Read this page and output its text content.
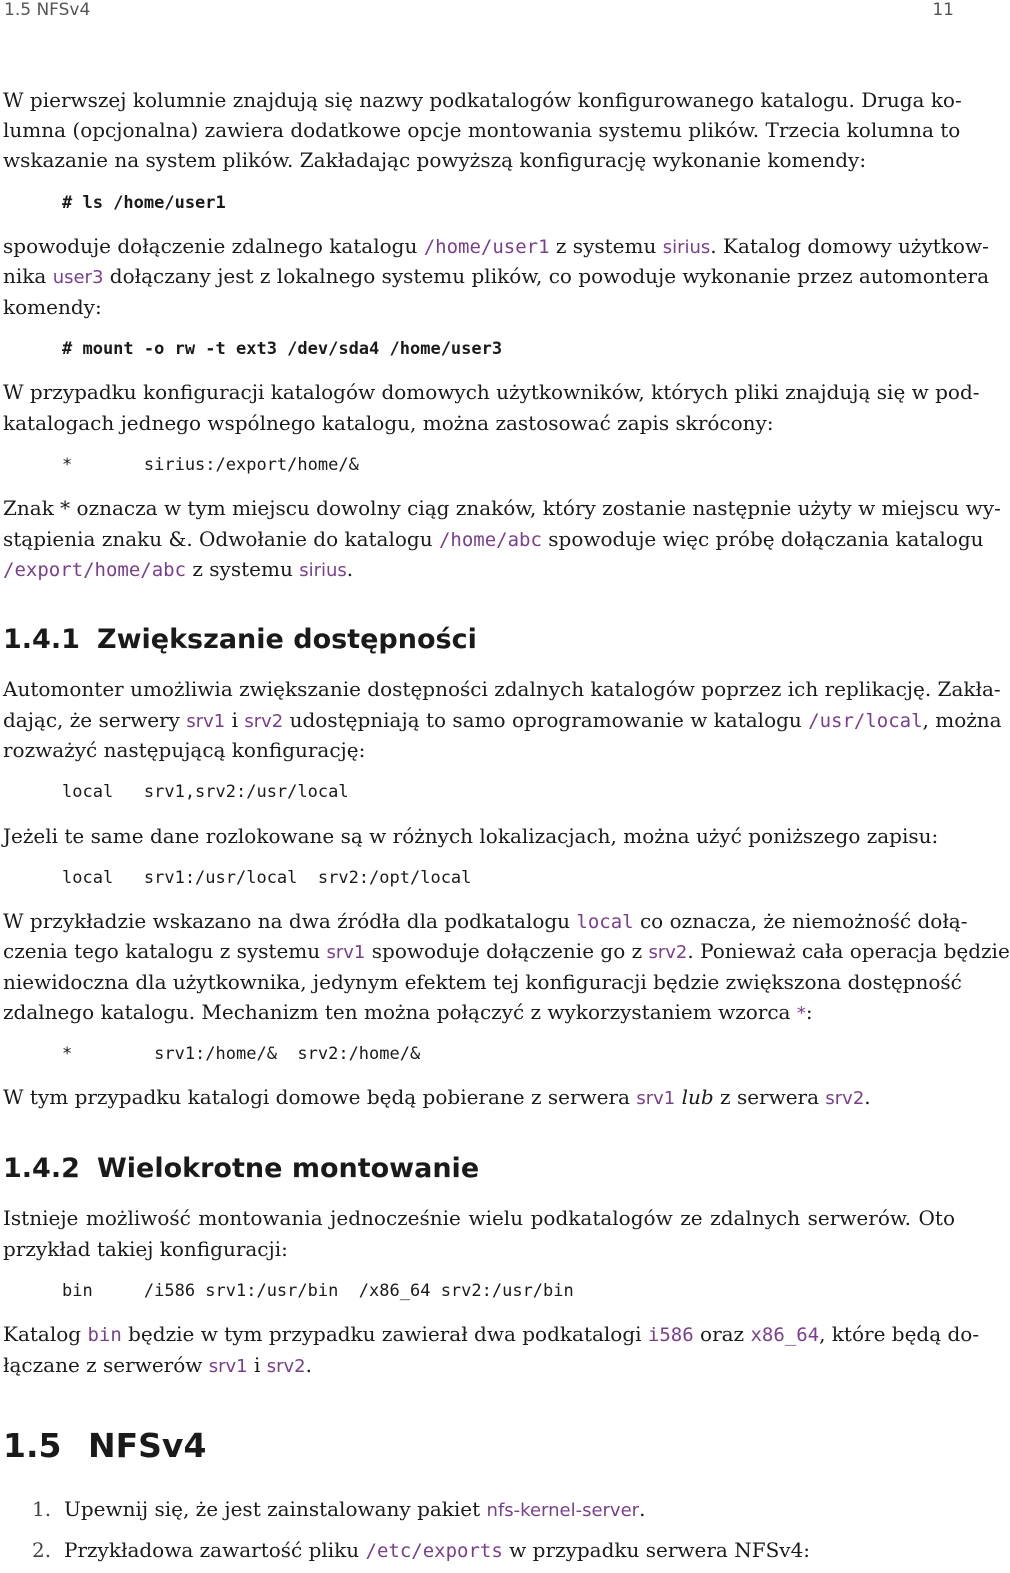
1.5 NFSv4	11
W pierwszej kolumnie znajdują się nazwy podkatalogów konfigurowanego katalogu. Druga ko-
lumna (opcjonalna) zawiera dodatkowe opcje montowania systemu plików. Trzecia kolumna to
wskazanie na system plików. Zakładając powyższą konfigurację wykonanie komendy:
# ls /home/user1
spowoduje dołączenie zdalnego katalogu /home/user1 z systemu sirius. Katalog domowy użytkow-
nika user3 dołączany jest z lokalnego systemu plików, co powoduje wykonanie przez automontera
komendy:
# mount -o rw -t ext3 /dev/sda4 /home/user3
W przypadku konfiguracji katalogów domowych użytkowników, których pliki znajdują się w pod-
katalogach jednego wspólnego katalogu, można zastosować zapis skrócony:
*       sirius:/export/home/&
Znak * oznacza w tym miejscu dowolny ciąg znaków, który zostanie następnie użyty w miejscu wy-
stąpienia znaku &. Odwołanie do katalogu /home/abc spowoduje więc próbę dołączania katalogu
/export/home/abc z systemu sirius.
1.4.1 Zwiększanie dostępności
Automonter umożliwia zwiększanie dostępności zdalnych katalogów poprzez ich replikację. Zakła-
dając, że serwery srv1 i srv2 udostępniają to samo oprogramowanie w katalogu /usr/local, można
rozważyć następującą konfigurację:
local   srv1,srv2:/usr/local
Jeżeli te same dane rozlokowane są w różnych lokalizacjach, można użyć poniższego zapisu:
local   srv1:/usr/local  srv2:/opt/local
W przykładzie wskazano na dwa źródła dla podkatalogu local co oznacza, że niemożność dołą-
czenia tego katalogu z systemu srv1 spowoduje dołączenie go z srv2. Ponieważ cała operacja będzie
niewidoczna dla użytkownika, jedynym efektem tej konfiguracji będzie zwiększona dostępność
zdalnego katalogu. Mechanizm ten można połączyć z wykorzystaniem wzorca *:
*        srv1:/home/&  srv2:/home/&
W tym przypadku katalogi domowe będą pobierane z serwera srv1 lub z serwera srv2.
1.4.2 Wielokrotne montowanie
Istnieje możliwość montowania jednocześnie wielu podkatalogów ze zdalnych serwerów. Oto
przykład takiej konfiguracji:
bin     /i586 srv1:/usr/bin  /x86_64 srv2:/usr/bin
Katalog bin będzie w tym przypadku zawierał dwa podkatalogi i586 oraz x86_64, które będą do-
łączane z serwerów srv1 i srv2.
1.5 NFSv4
1. Upewnij się, że jest zainstalowany pakiet nfs-kernel-server.
2. Przykładowa zawartość pliku /etc/exports w przypadku serwera NFSv4:
